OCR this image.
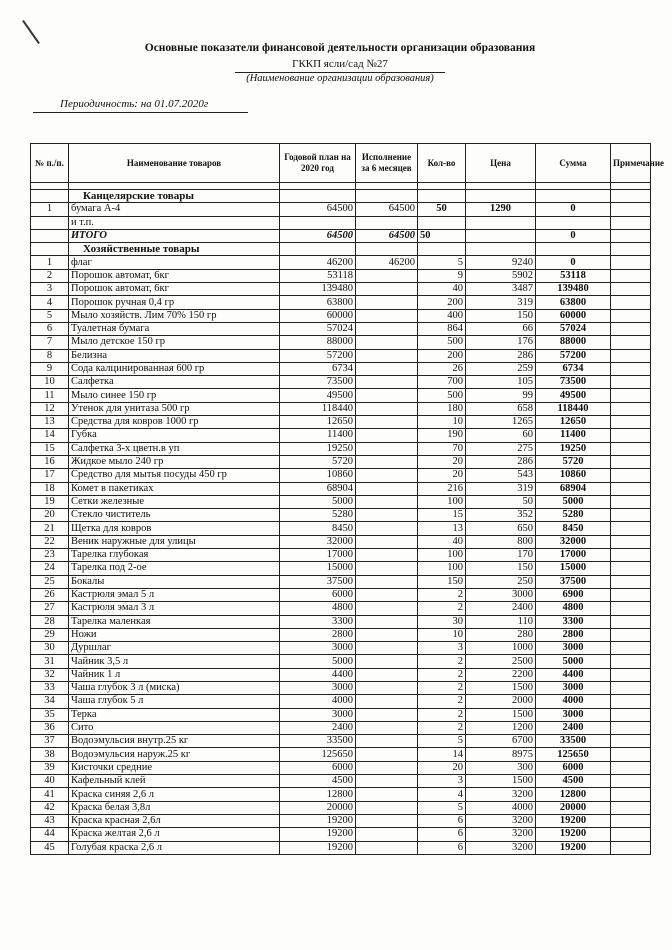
Основные показатели финансовой деятельности организации образования
ГККП ясли/сад №27
(Наименование организации образования)
Периодичность: на 01.07.2020г
№ п./п.	Наименование товаров	Годовой план на 2020 год	Исполнение за 6 месяцев	Кол-во	Цена	Сумма	Примечание

	Канцелярские товары						
1	бумага А-4	64500	64500	50	1290	0	
	и т.п.						
	ИТОГО	64500	64500	50		0	
	Хозяйственные товары						
1	флаг	46200	46200	5	9240	0	
2	Порошок автомат, 6кг	53118		9	5902	53118	
3	Порошок автомат, 6кг	139480		40	3487	139480	
4	Порошок ручная 0,4 гр	63800		200	319	63800	
5	Мыло хозяйств. Лим 70% 150 гр	60000		400	150	60000	
6	Туалетная бумага	57024		864	66	57024	
7	Мыло детское 150 гр	88000		500	176	88000	
8	Белизна	57200		200	286	57200	
9	Сода калцинированная 600 гр	6734		26	259	6734	
10	Салфетка	73500		700	105	73500	
11	Мыло синее 150 гр	49500		500	99	49500	
12	Утенок для унитаза 500 гр	118440		180	658	118440	
13	Средства для ковров 1000 гр	12650		10	1265	12650	
14	Губка	11400		190	60	11400	
15	Салфетка 3-х цветн.в уп	19250		70	275	19250	
16	Жидкое мыло 240 гр	5720		20	286	5720	
17	Средство для мытья посуды 450 гр	10860		20	543	10860	
18	Комет в пакетиках	68904		216	319	68904	
19	Сетки железные	5000		100	50	5000	
20	Стекло чиститель	5280		15	352	5280	
21	Щетка для ковров	8450		13	650	8450	
22	Веник наружные для улицы	32000		40	800	32000	
23	Тарелка глубокая	17000		100	170	17000	
24	Тарелка под 2-ое	15000		100	150	15000	
25	Бокалы	37500		150	250	37500	
26	Кастрюля эмал 5 л	6000		2	3000	6900	
27	Кастрюля эмал 3 л	4800		2	2400	4800	
28	Тарелка маленкая	3300		30	110	3300	
29	Ножи	2800		10	280	2800	
30	Дуршлаг	3000		3	1000	3000	
31	Чайник 3,5 л	5000		2	2500	5000	
32	Чайник 1 л	4400		2	2200	4400	
33	Чаша глубок 3 л (миска)	3000		2	1500	3000	
34	Чаша глубок 5 л	4000		2	2000	4000	
35	Терка	3000		2	1500	3000	
36	Сито	2400		2	1200	2400	
37	Водоэмульсия внутр.25 кг	33500		5	6700	33500	
38	Водоэмульсия наруж.25 кг	125650		14	8975	125650	
39	Кисточки средние	6000		20	300	6000	
40	Кафельный клей	4500		3	1500	4500	
41	Краска синяя 2,6 л	12800		4	3200	12800	
42	Краска белая 3,8л	20000		5	4000	20000	
43	Краска красная 2,6л	19200		6	3200	19200	
44	Краска желтая 2,6 л	19200		6	3200	19200	
45	Голубая краска 2,6 л	19200		6	3200	19200	
